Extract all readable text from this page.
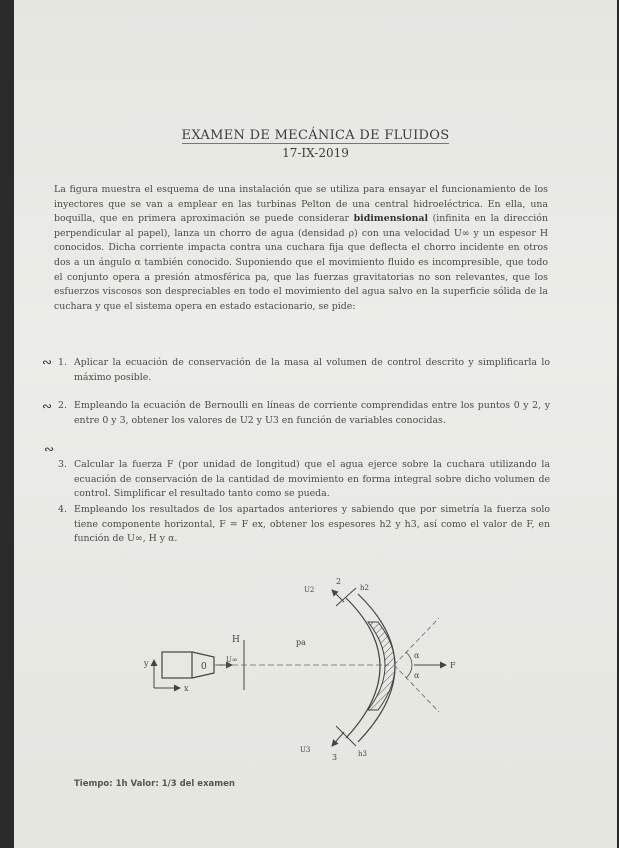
EXAMEN DE MECÁNICA DE FLUIDOS
17-IX-2019
La figura muestra el esquema de una instalación que se utiliza para ensayar el funcionamiento de los inyectores que se van a emplear en las turbinas Pelton de una central hidroeléctrica. En ella, una boquilla, que en primera aproximación se puede considerar bidimensional (infinita en la dirección perpendicular al papel), lanza un chorro de agua (densidad ρ) con una velocidad U∞ y un espesor H conocidos. Dicha corriente impacta contra una cuchara fija que deflecta el chorro incidente en otros dos a un ángulo α también conocido. Suponiendo que el movimiento fluido es incompresible, que todo el conjunto opera a presión atmosférica pa, que las fuerzas gravitatorias no son relevantes, que los esfuerzos viscosos son despreciables en todo el movimiento del agua salvo en la superficie sólida de la cuchara y que el sistema opera en estado estacionario, se pide:
∾
∾
∾
1. Aplicar la ecuación de conservación de la masa al volumen de control descrito y simplificarla lo máximo posible.
2. Empleando la ecuación de Bernoulli en líneas de corriente comprendidas entre los puntos 0 y 2, y entre 0 y 3, obtener los valores de U2 y U3 en función de variables conocidas.
3. Calcular la fuerza F (por unidad de longitud) que el agua ejerce sobre la cuchara utilizando la ecuación de conservación de la cantidad de movimiento en forma integral sobre dicho volumen de control. Simplificar el resultado tanto como se pueda.
4. Empleando los resultados de los apartados anteriores y sabiendo que por simetría la fuerza solo tiene componente horizontal, F = F ex, obtener los espesores h2 y h3, así como el valor de F, en función de U∞, H y α.
0
U∞
H	pa
y
x
U2
2
h2
U3
3	h3
α
α
F
Tiempo: 1h Valor: 1/3 del examen
